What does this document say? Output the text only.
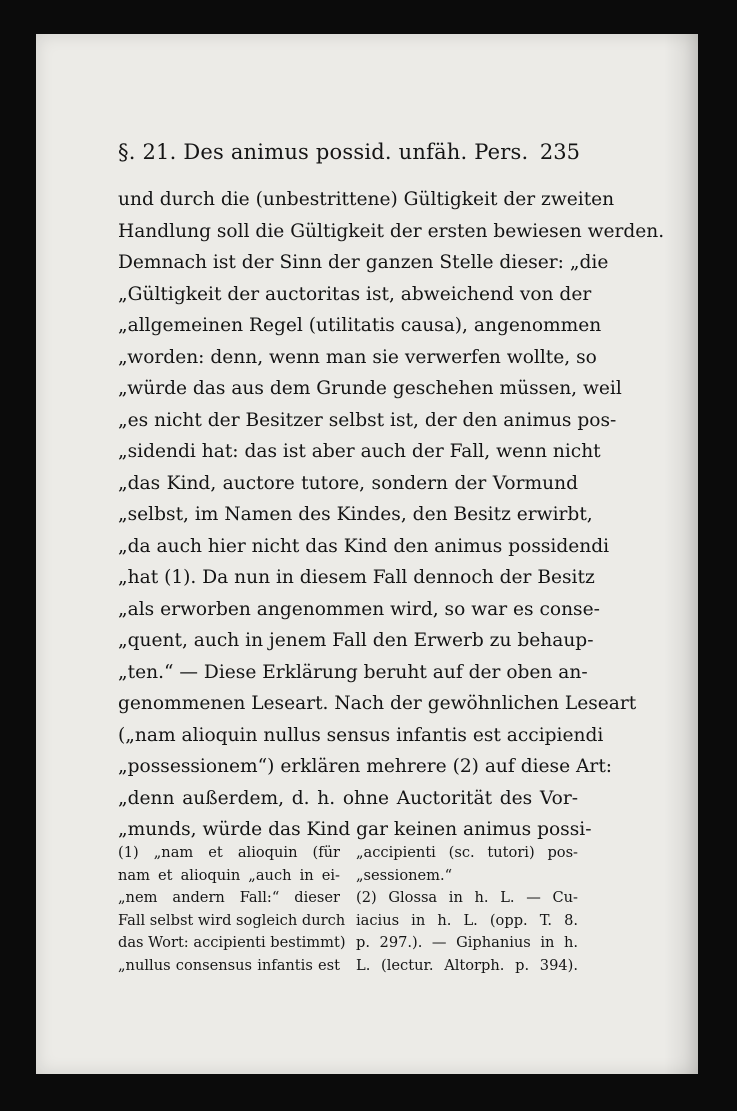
§. 21. Des animus possid. unfäh. Pers. 235
und durch die (unbestrittene) Gültigkeit der zweiten
Handlung soll die Gültigkeit der ersten bewiesen werden.
Demnach ist der Sinn der ganzen Stelle dieser: „die
„Gültigkeit der auctoritas ist, abweichend von der
„allgemeinen Regel (utilitatis causa), angenommen
„worden: denn, wenn man sie verwerfen wollte, so
„würde das aus dem Grunde geschehen müssen, weil
„es nicht der Besitzer selbst ist, der den animus pos-
„sidendi hat: das ist aber auch der Fall, wenn nicht
„das Kind, auctore tutore, sondern der Vormund
„selbst, im Namen des Kindes, den Besitz erwirbt,
„da auch hier nicht das Kind den animus possidendi
„hat (1). Da nun in diesem Fall dennoch der Besitz
„als erworben angenommen wird, so war es conse-
„quent, auch in jenem Fall den Erwerb zu behaup-
„ten.“ — Diese Erklärung beruht auf der oben an-
genommenen Leseart. Nach der gewöhnlichen Leseart
(„nam alioquin nullus sensus infantis est accipiendi
„possessionem“) erklären mehrere (2) auf diese Art:
„denn außerdem, d. h. ohne Auctorität des Vor-
„munds, würde das Kind gar keinen animus possi-
(1) „nam et alioquin (für
nam et alioquin „auch in ei-
„nem andern Fall:“ dieser
Fall selbst wird sogleich durch
das Wort: accipienti bestimmt)
„nullus consensus infantis est
„accipienti (sc. tutori) pos-
„sessionem.“
(2) Glossa in h. L. — Cu-
iacius in h. L. (opp. T. 8.
p. 297.). — Giphanius in h.
L. (lectur. Altorph. p. 394).
